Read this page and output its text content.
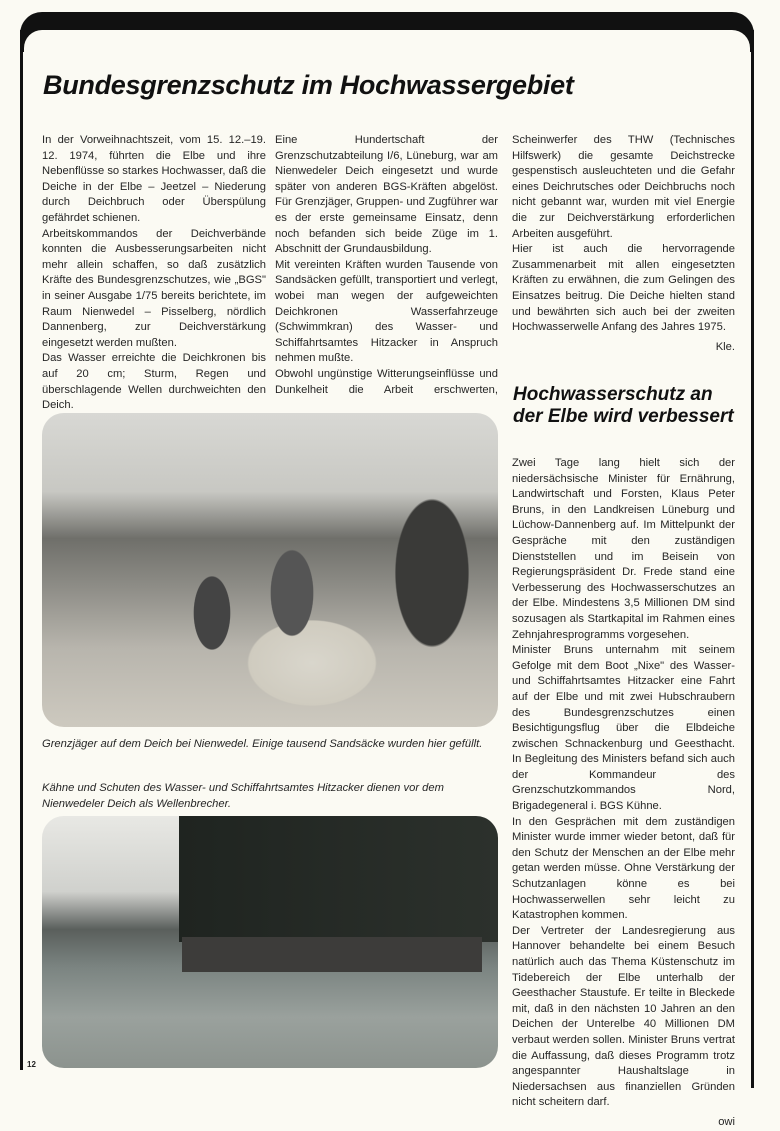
Bundesgrenzschutz im Hochwassergebiet

In der Vorweihnachtszeit, vom 15. 12.–19. 12. 1974, führten die Elbe und ihre Nebenflüsse so starkes Hochwasser, daß die Deiche in der Elbe – Jeetzel – Niederung durch Deichbruch oder Überspülung gefährdet schienen.

Arbeitskommandos der Deichverbände konnten die Ausbesserungsarbeiten nicht mehr allein schaffen, so daß zusätzlich Kräfte des Bundesgrenzschutzes, wie „BGS" in seiner Ausgabe 1/75 bereits berichtete, im Raum Nienwedel – Pisselberg, nördlich Dannenberg, zur Deichverstärkung eingesetzt werden mußten.

Das Wasser erreichte die Deichkronen bis auf 20 cm; Sturm, Regen und überschlagende Wellen durchweichten den Deich.

Eine Hundertschaft der Grenzschutzabteilung I/6, Lüneburg, war am Nienwedeler Deich eingesetzt und wurde später von anderen BGS-Kräften abgelöst. Für Grenzjäger, Gruppen- und Zugführer war es der erste gemeinsame Einsatz, denn noch befanden sich beide Züge im 1. Abschnitt der Grundausbildung.

Mit vereinten Kräften wurden Tausende von Sandsäcken gefüllt, transportiert und verlegt, wobei man wegen der aufgeweichten Deichkronen Wasserfahrzeuge (Schwimmkran) des Wasser- und Schiffahrtsamtes Hitzacker in Anspruch nehmen mußte.

Obwohl ungünstige Witterungseinflüsse und Dunkelheit die Arbeit erschwerten, Scheinwerfer des THW (Technisches Hilfswerk) die gesamte Deichstrecke gespenstisch ausleuchteten und die Gefahr eines Deichrutsches oder Deichbruchs noch nicht gebannt war, wurden mit viel Energie die zur Deichverstärkung erforderlichen Arbeiten ausgeführt.

Hier ist auch die hervorragende Zusammenarbeit mit allen eingesetzten Kräften zu erwähnen, die zum Gelingen des Einsatzes beitrug. Die Deiche hielten stand und bewährten sich auch bei der zweiten Hochwasserwelle Anfang des Jahres 1975.

Kle.

Hochwasserschutz an der Elbe wird verbessert

Zwei Tage lang hielt sich der niedersächsische Minister für Ernährung, Landwirtschaft und Forsten, Klaus Peter Bruns, in den Landkreisen Lüneburg und Lüchow-Dannenberg auf. Im Mittelpunkt der Gespräche mit den zuständigen Dienststellen und im Beisein von Regierungspräsident Dr. Frede stand eine Verbesserung des Hochwasserschutzes an der Elbe. Mindestens 3,5 Millionen DM sind sozusagen als Startkapital im Rahmen eines Zehnjahresprogramms vorgesehen.

Minister Bruns unternahm mit seinem Gefolge mit dem Boot „Nixe" des Wasser- und Schiffahrtsamtes Hitzacker eine Fahrt auf der Elbe und mit zwei Hubschraubern des Bundesgrenzschutzes einen Besichtigungsflug über die Elbdeiche zwischen Schnackenburg und Geesthacht. In Begleitung des Ministers befand sich auch der Kommandeur des Grenzschutzkommandos Nord, Brigadegeneral i. BGS Kühne.

In den Gesprächen mit dem zuständigen Minister wurde immer wieder betont, daß für den Schutz der Menschen an der Elbe mehr getan werden müsse. Ohne Verstärkung der Schutzanlagen könne es bei Hochwasserwellen sehr leicht zu Katastrophen kommen.

Der Vertreter der Landesregierung aus Hannover behandelte bei einem Besuch natürlich auch das Thema Küstenschutz im Tidebereich der Elbe unterhalb der Geesthacher Staustufe. Er teilte in Bleckede mit, daß in den nächsten 10 Jahren an den Deichen der Unterelbe 40 Millionen DM verbaut werden sollen. Minister Bruns vertrat die Auffassung, daß dieses Programm trotz angespannter Haushaltslage in Niedersachsen aus finanziellen Gründen nicht scheitern darf.

owi

Grenzjäger auf dem Deich bei Nienwedel. Einige tausend Sandsäcke wurden hier gefüllt.

Kähne und Schuten des Wasser- und Schiffahrtsamtes Hitzacker dienen vor dem Nienwedeler Deich als Wellenbrecher.

12
